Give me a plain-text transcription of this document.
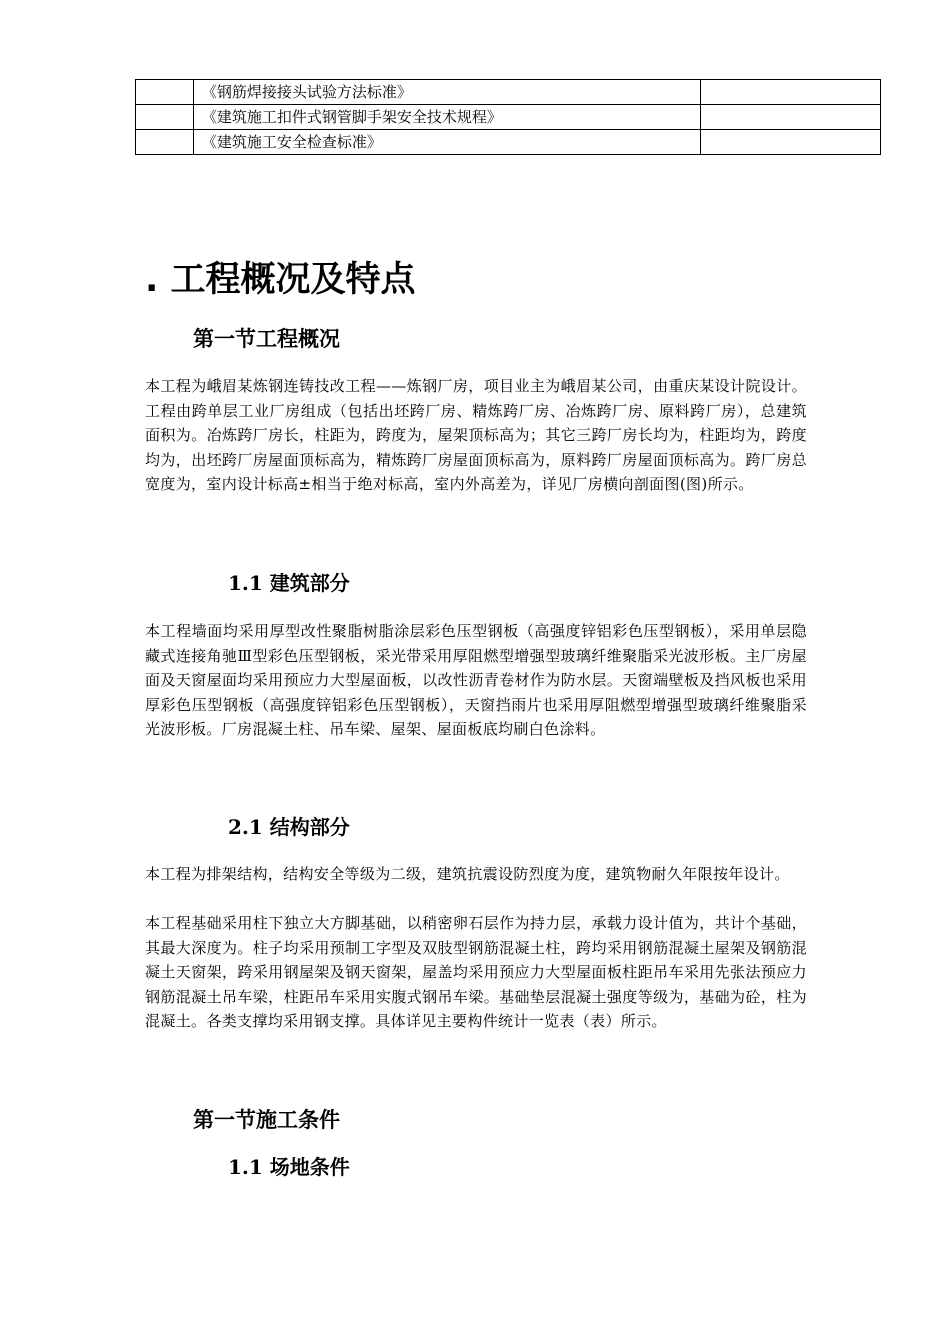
	《钢筋焊接接头试验方法标准》	
	《建筑施工扣件式钢管脚手架安全技术规程》	
	《建筑施工安全检查标准》	
. 工程概况及特点
第一节工程概况

本工程为峨眉某炼钢连铸技改工程——炼钢厂房，项目业主为峨眉某公司，由重庆某设计院设计。工程由跨单层工业厂房组成（包括出坯跨厂房、精炼跨厂房、冶炼跨厂房、原料跨厂房），总建筑面积为。冶炼跨厂房长，柱距为，跨度为，屋架顶标高为；其它三跨厂房长均为，柱距均为，跨度均为，出坯跨厂房屋面顶标高为，精炼跨厂房屋面顶标高为，原料跨厂房屋面顶标高为。跨厂房总宽度为，室内设计标高±相当于绝对标高，室内外高差为，详见厂房横向剖面图(图)所示。

1.1 建筑部分

本工程墙面均采用厚型改性聚脂树脂涂层彩色压型钢板（高强度锌铝彩色压型钢板），采用单层隐藏式连接角驰Ⅲ型彩色压型钢板，采光带采用厚阻燃型增强型玻璃纤维聚脂采光波形板。主厂房屋面及天窗屋面均采用预应力大型屋面板，以改性沥青卷材作为防水层。天窗端壁板及挡风板也采用厚彩色压型钢板（高强度锌铝彩色压型钢板），天窗挡雨片也采用厚阻燃型增强型玻璃纤维聚脂采光波形板。厂房混凝土柱、吊车梁、屋架、屋面板底均刷白色涂料。

2.1 结构部分

本工程为排架结构，结构安全等级为二级，建筑抗震设防烈度为度，建筑物耐久年限按年设计。

本工程基础采用柱下独立大方脚基础，以稍密卵石层作为持力层，承载力设计值为，共计个基础，其最大深度为。柱子均采用预制工字型及双肢型钢筋混凝土柱，跨均采用钢筋混凝土屋架及钢筋混凝土天窗架，跨采用钢屋架及钢天窗架，屋盖均采用预应力大型屋面板柱距吊车采用先张法预应力钢筋混凝土吊车梁，柱距吊车采用实腹式钢吊车梁。基础垫层混凝土强度等级为，基础为砼，柱为混凝土。各类支撑均采用钢支撑。具体详见主要构件统计一览表（表）所示。

第一节施工条件
1.1 场地条件
